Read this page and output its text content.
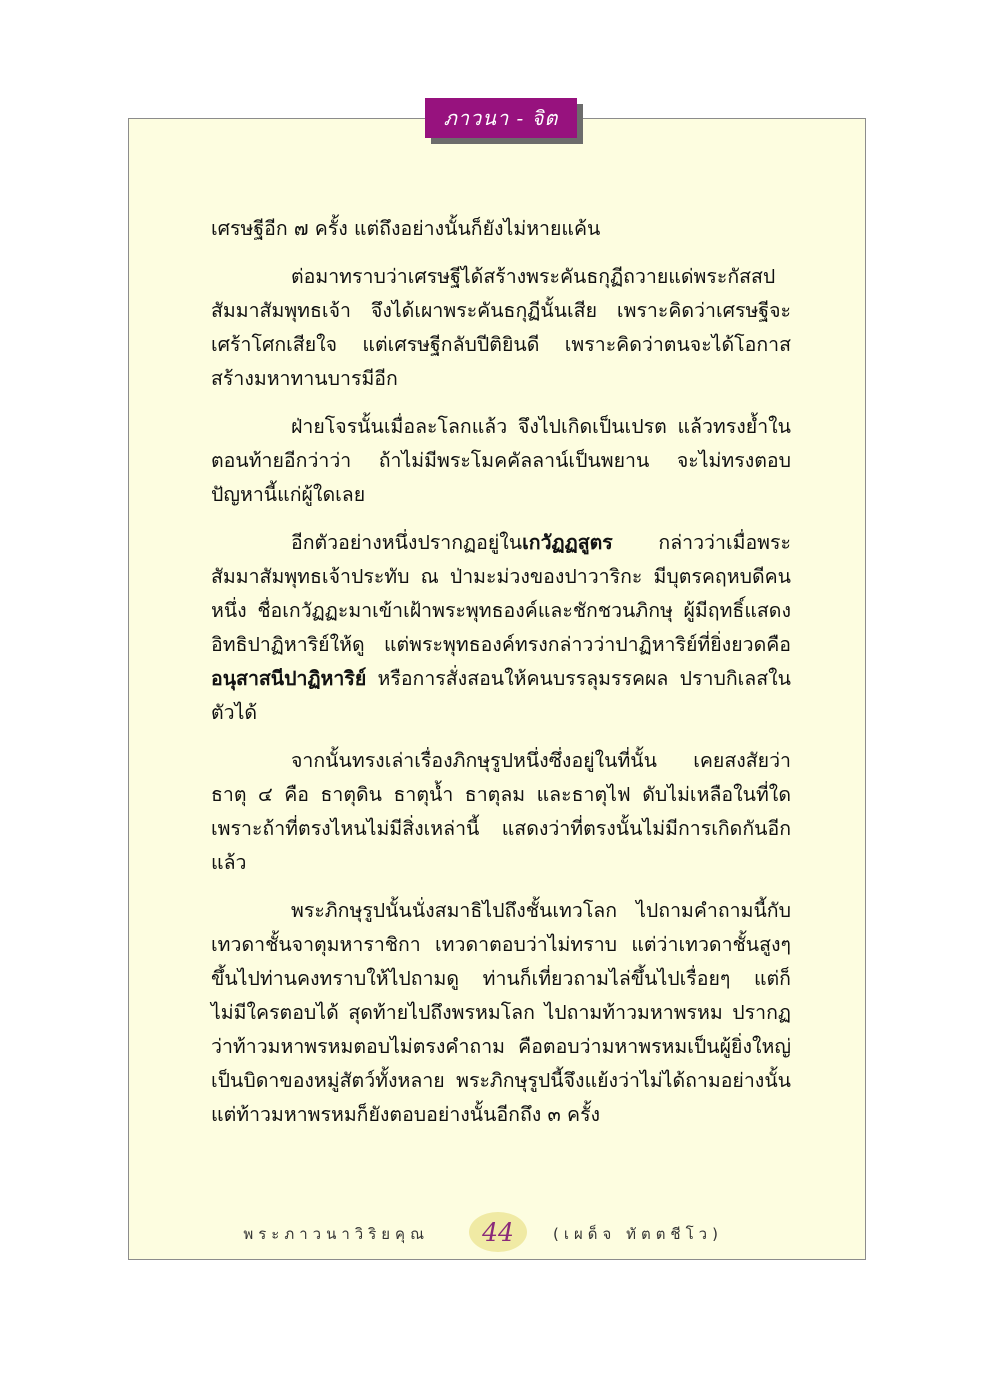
ภาวนา - จิต

เศรษฐีอีก ๗ ครั้ง แต่ถึงอย่างนั้นก็ยังไม่หายแค้น

ต่อมาทราบว่าเศรษฐีได้สร้างพระคันธกุฏีถวายแด่พระกัสสปสัมมาสัมพุทธเจ้า จึงได้เผาพระคันธกุฏีนั้นเสีย เพราะคิดว่าเศรษฐีจะเศร้าโศกเสียใจ แต่เศรษฐีกลับปีติยินดี เพราะคิดว่าตนจะได้โอกาสสร้างมหาทานบารมีอีก

ฝ่ายโจรนั้นเมื่อละโลกแล้ว จึงไปเกิดเป็นเปรต แล้วทรงย้ำในตอนท้ายอีกว่าว่า ถ้าไม่มีพระโมคคัลลาน์เป็นพยาน จะไม่ทรงตอบปัญหานี้แก่ผู้ใดเลย

อีกตัวอย่างหนึ่งปรากฏอยู่ในเกวัฏฏสูตร กล่าวว่าเมื่อพระสัมมาสัมพุทธเจ้าประทับ ณ ป่ามะม่วงของปาวาริกะ มีบุตรคฤหบดีคนหนึ่ง ชื่อเกวัฏฏะมาเข้าเฝ้าพระพุทธองค์และชักชวนภิกษุ ผู้มีฤทธิ์แสดงอิทธิปาฏิหาริย์ให้ดู แต่พระพุทธองค์ทรงกล่าวว่าปาฏิหาริย์ที่ยิ่งยวดคืออนุสาสนีปาฏิหาริย์ หรือการสั่งสอนให้คนบรรลุมรรคผล ปราบกิเลสในตัวได้

จากนั้นทรงเล่าเรื่องภิกษุรูปหนึ่งซึ่งอยู่ในที่นั้น เคยสงสัยว่าธาตุ ๔ คือ ธาตุดิน ธาตุน้ำ ธาตุลม และธาตุไฟ ดับไม่เหลือในที่ใด เพราะถ้าที่ตรงไหนไม่มีสิ่งเหล่านี้ แสดงว่าที่ตรงนั้นไม่มีการเกิดกันอีกแล้ว

พระภิกษุรูปนั้นนั่งสมาธิไปถึงชั้นเทวโลก ไปถามคำถามนี้กับเทวดาชั้นจาตุมหาราชิกา เทวดาตอบว่าไม่ทราบ แต่ว่าเทวดาชั้นสูงๆขึ้นไปท่านคงทราบให้ไปถามดู ท่านก็เที่ยวถามไล่ขึ้นไปเรื่อยๆ แต่ก็ไม่มีใครตอบได้ สุดท้ายไปถึงพรหมโลก ไปถามท้าวมหาพรหม ปรากฏว่าท้าวมหาพรหมตอบไม่ตรงคำถาม คือตอบว่ามหาพรหมเป็นผู้ยิ่งใหญ่เป็นบิดาของหมู่สัตว์ทั้งหลาย พระภิกษุรูปนี้จึงแย้งว่าไม่ได้ถามอย่างนั้นแต่ท้าวมหาพรหมก็ยังตอบอย่างนั้นอีกถึง ๓ ครั้ง

พระภาวนาวิริยคุณ	44	(เผด็จ ทัตตชีโว)
